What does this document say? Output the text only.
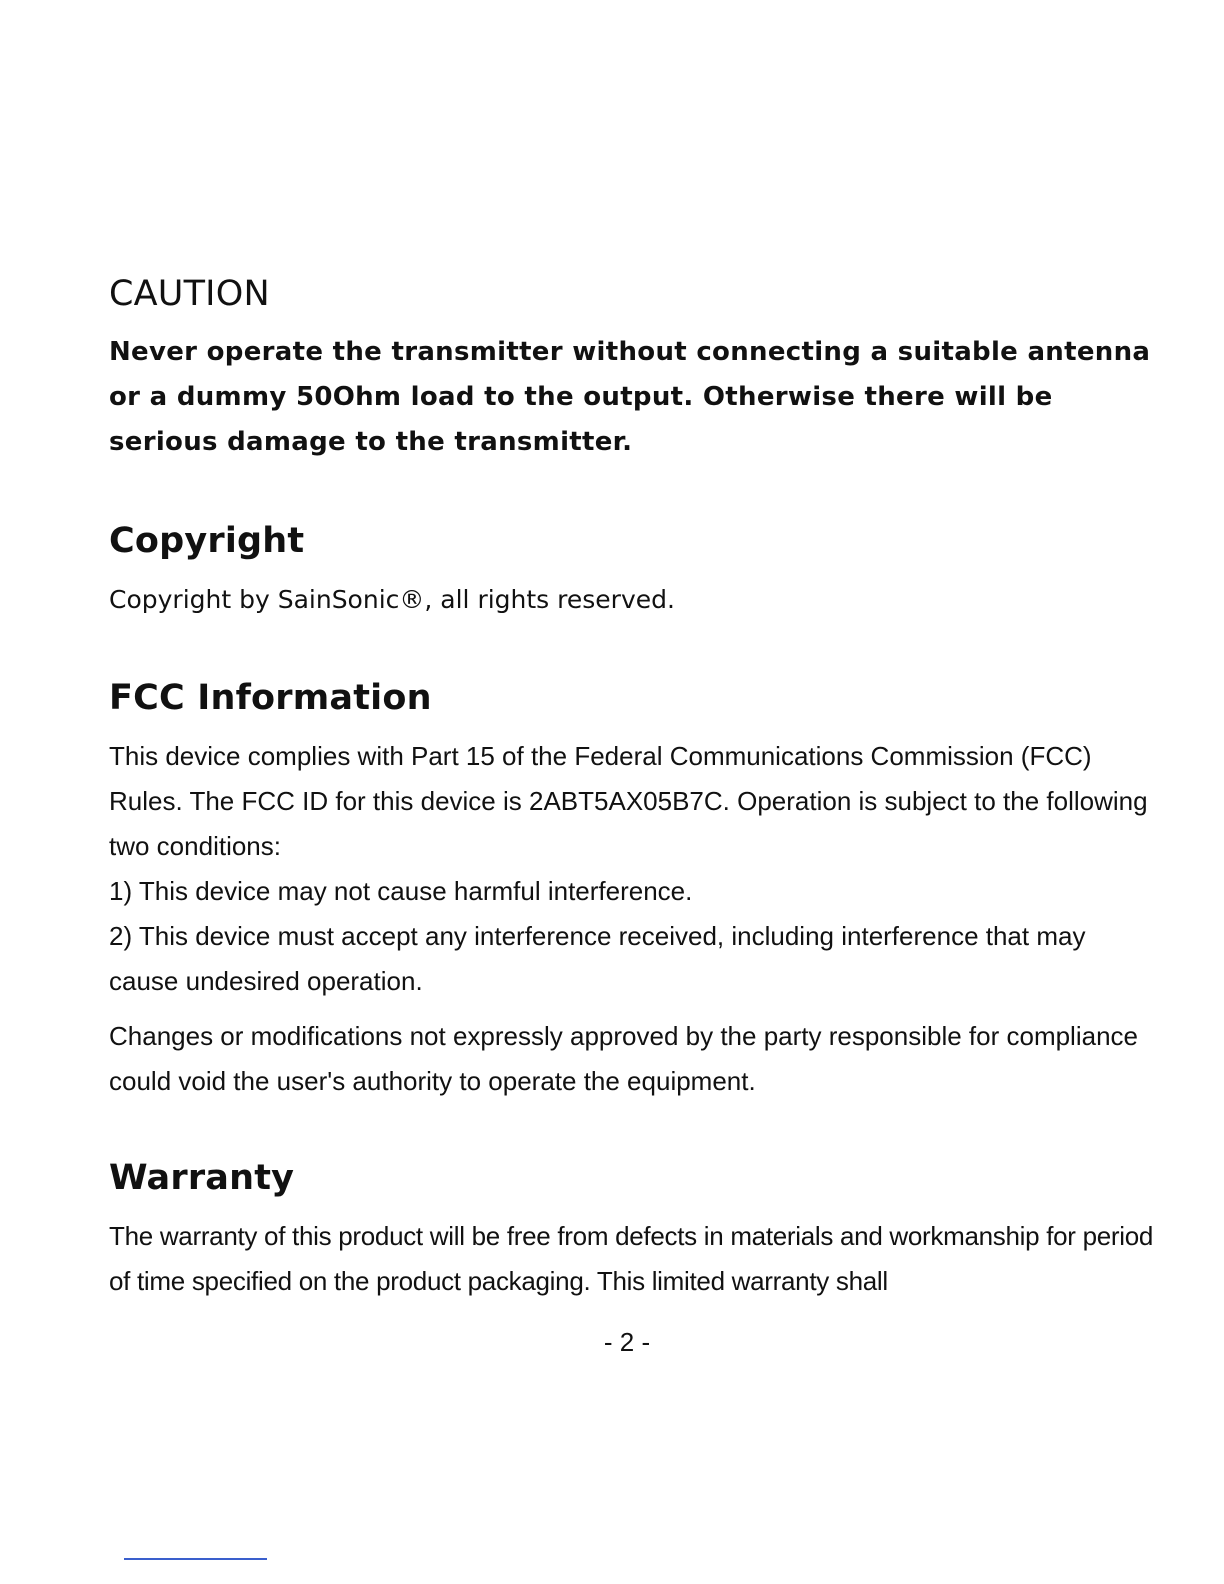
CAUTION

Never operate the transmitter without connecting a suitable antenna or a dummy 50Ohm load to the output. Otherwise there will be serious damage to the transmitter.

Copyright

Copyright by SainSonic®, all rights reserved.

FCC Information

This device complies with Part 15 of the Federal Communications Commission (FCC) Rules. The FCC ID for this device is 2ABT5AX05B7C. Operation is subject to the following two conditions:

1) This device may not cause harmful interference.

2) This device must accept any interference received, including interference that may cause undesired operation.

Changes or modifications not expressly approved by the party responsible for compliance could void the user's authority to operate the equipment.

Warranty

The warranty of this product will be free from defects in materials and workmanship for period of time specified on the product packaging. This limited warranty shall

- 2 -
